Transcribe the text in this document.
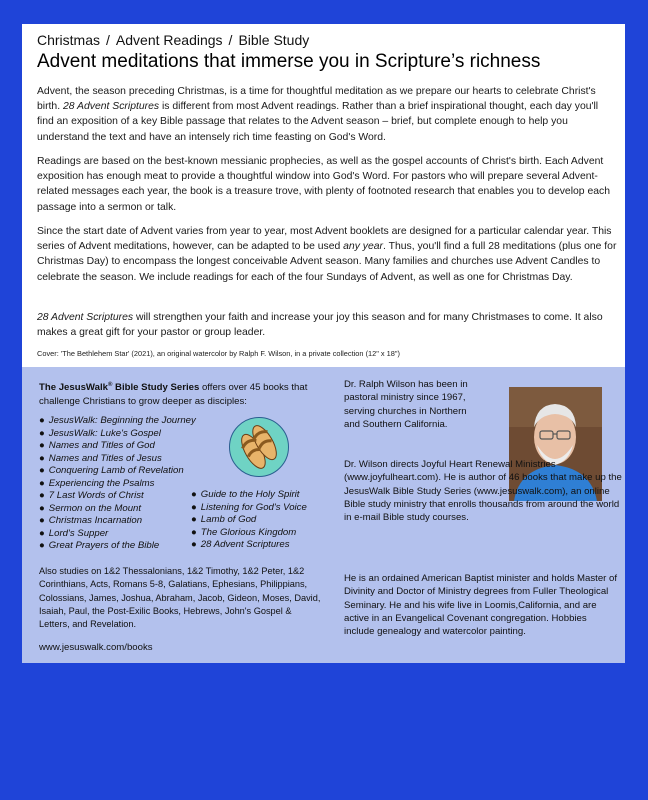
Christmas / Advent Readings / Bible Study
Advent meditations that immerse you in Scripture’s richness

Advent, the season preceding Christmas, is a time for thoughtful meditation as we prepare our hearts to celebrate Christ's birth. 28 Advent Scriptures is different from most Advent readings. Rather than a brief inspirational thought, each day you'll find an exposition of a key Bible passage that relates to the Advent season – brief, but complete enough to help you understand the text and have an intensely rich time feasting on God's Word.

Readings are based on the best-known messianic prophecies, as well as the gospel accounts of Christ's birth. Each Advent exposition has enough meat to provide a thoughtful window into God's Word. For pastors who will prepare several Advent-related messages each year, the book is a treasure trove, with plenty of footnoted research that enables you to develop each passage into a sermon or talk.

Since the start date of Advent varies from year to year, most Advent booklets are designed for a particular calendar year. This series of Advent meditations, however, can be adapted to be used any year. Thus, you'll find a full 28 meditations (plus one for Christmas Day) to encompass the longest conceivable Advent season. Many families and churches use Advent Candles to celebrate the season. We include readings for each of the four Sundays of Advent, as well as one for Christmas Day.

28 Advent Scriptures will strengthen your faith and increase your joy this season and for many Christmases to come. It also makes a great gift for your pastor or group leader.

Cover: 'The Bethlehem Star' (2021), an original watercolor by Ralph F. Wilson, in a private collection (12" x 18")

The JesusWalk® Bible Study Series offers over 45 books that challenge Christians to grow deeper as disciples:

● JesusWalk: Beginning the Journey
● JesusWalk: Luke's Gospel
● Names and Titles of God
● Names and Titles of Jesus
● Conquering Lamb of Revelation
● Experiencing the Psalms
● 7 Last Words of Christ
● Sermon on the Mount
● Christmas Incarnation
● Lord's Supper
● Great Prayers of the Bible
● Guide to the Holy Spirit
● Listening for God's Voice
● Lamb of God
● The Glorious Kingdom
● 28 Advent Scriptures

Also studies on 1&2 Thessalonians, 1&2 Timothy, 1&2 Peter, 1&2 Corinthians, Acts, Romans 5-8, Galatians, Ephesians, Philippians, Colossians, James, Joshua, Abraham, Jacob, Gideon, Moses, David, Isaiah, Paul, the Post-Exilic Books, Hebrews, John's Gospel & Letters, and Revelation.

www.jesuswalk.com/books

Dr. Ralph Wilson has been in pastoral ministry since 1967, serving churches in Northern and Southern California.

Dr. Wilson directs Joyful Heart Renewal Ministries (www.joyfulheart.com). He is author of 46 books that make up the JesusWalk Bible Study Series (www.jesuswalk.com), an online Bible study ministry that enrolls thousands from around the world in e-mail Bible study courses.

He is an ordained American Baptist minister and holds Master of Divinity and Doctor of Ministry degrees from Fuller Theological Seminary. He and his wife live in Loomis,California, and are active in an Evangelical Covenant congregation. Hobbies include genealogy and watercolor painting.
